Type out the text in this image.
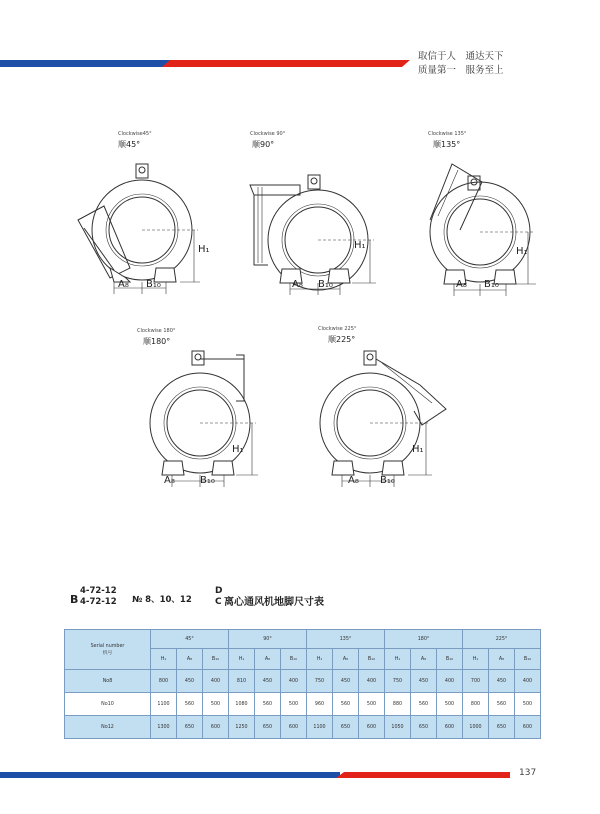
取信于人　通达天下
质量第一　服务至上
Clockwise45°
顺45°
H₁
A₈ B₁₀
Clockwise 90°
顺90°
H₁
A₈ B₁₀
Clockwise 135°
顺135°
H₁
A₈ B₁₀
Clockwise 180°
顺180°
H₁
A₈	B₁₀
Clockwise 225°
顺225°
H₁
A₈ B₁₀
B
4-72-12
4-72-12 № 8、10、12
D
C 离心通风机地脚尺寸表
Serial number
机号	45°			90°			135°			180°			225°		
	H₁	A₈	B₁₀	H₁	A₈	B₁₀	H₁	A₈	B₁₀	H₁	A₈	B₁₀	H₁	A₈	B₁₀
No8	800	450	400	810	450	400	750	450	400	750	450	400	700	450	400
No10	1100	560	500	1080	560	500	960	560	500	880	560	500	800	560	500
No12	1300	650	600	1250	650	600	1100	650	600	1050	650	600	1000	650	600
137
